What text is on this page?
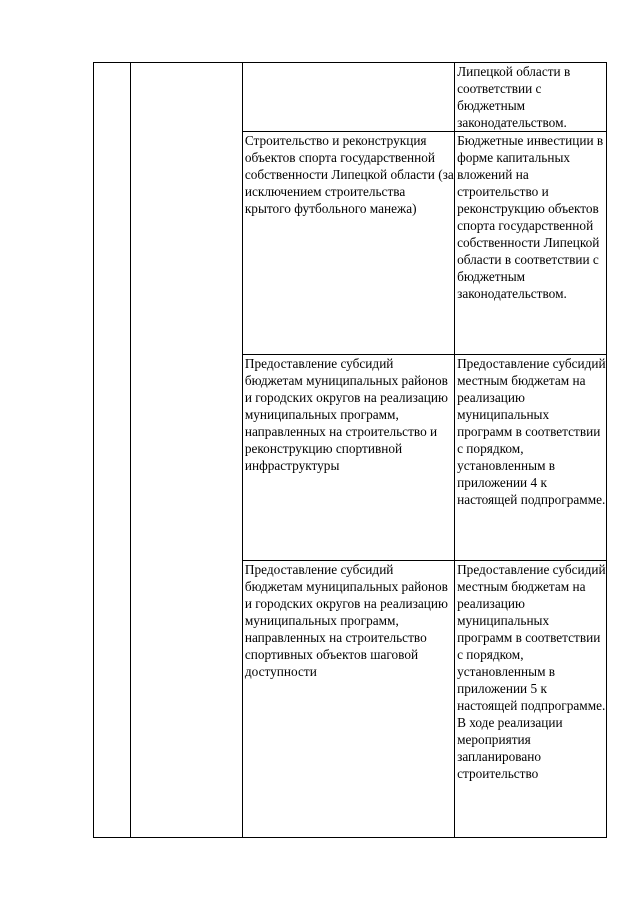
			Липецкой области в соответствии с бюджетным законодательством.

		Строительство и реконструкция объектов спорта государственной собственности Липецкой области (за исключением строительства крытого футбольного манежа)	Бюджетные инвестиции в форме капитальных вложений на строительство и реконструкцию объектов спорта государственной собственности Липецкой области в соответствии с бюджетным законодательством.

		Предоставление субсидий бюджетам муниципальных районов и городских округов на реализацию муниципальных программ, направленных на строительство и реконструкцию спортивной инфраструктуры	Предоставление субсидий местным бюджетам на реализацию муниципальных программ в соответствии с порядком, установленным в приложении 4 к настоящей подпрограмме.

		Предоставление субсидий бюджетам муниципальных районов и городских округов на реализацию муниципальных программ, направленных на строительство спортивных объектов шаговой доступности	Предоставление субсидий местным бюджетам на реализацию муниципальных программ в соответствии с порядком, установленным в приложении 5 к настоящей подпрограмме. В ходе реализации мероприятия запланировано строительство
